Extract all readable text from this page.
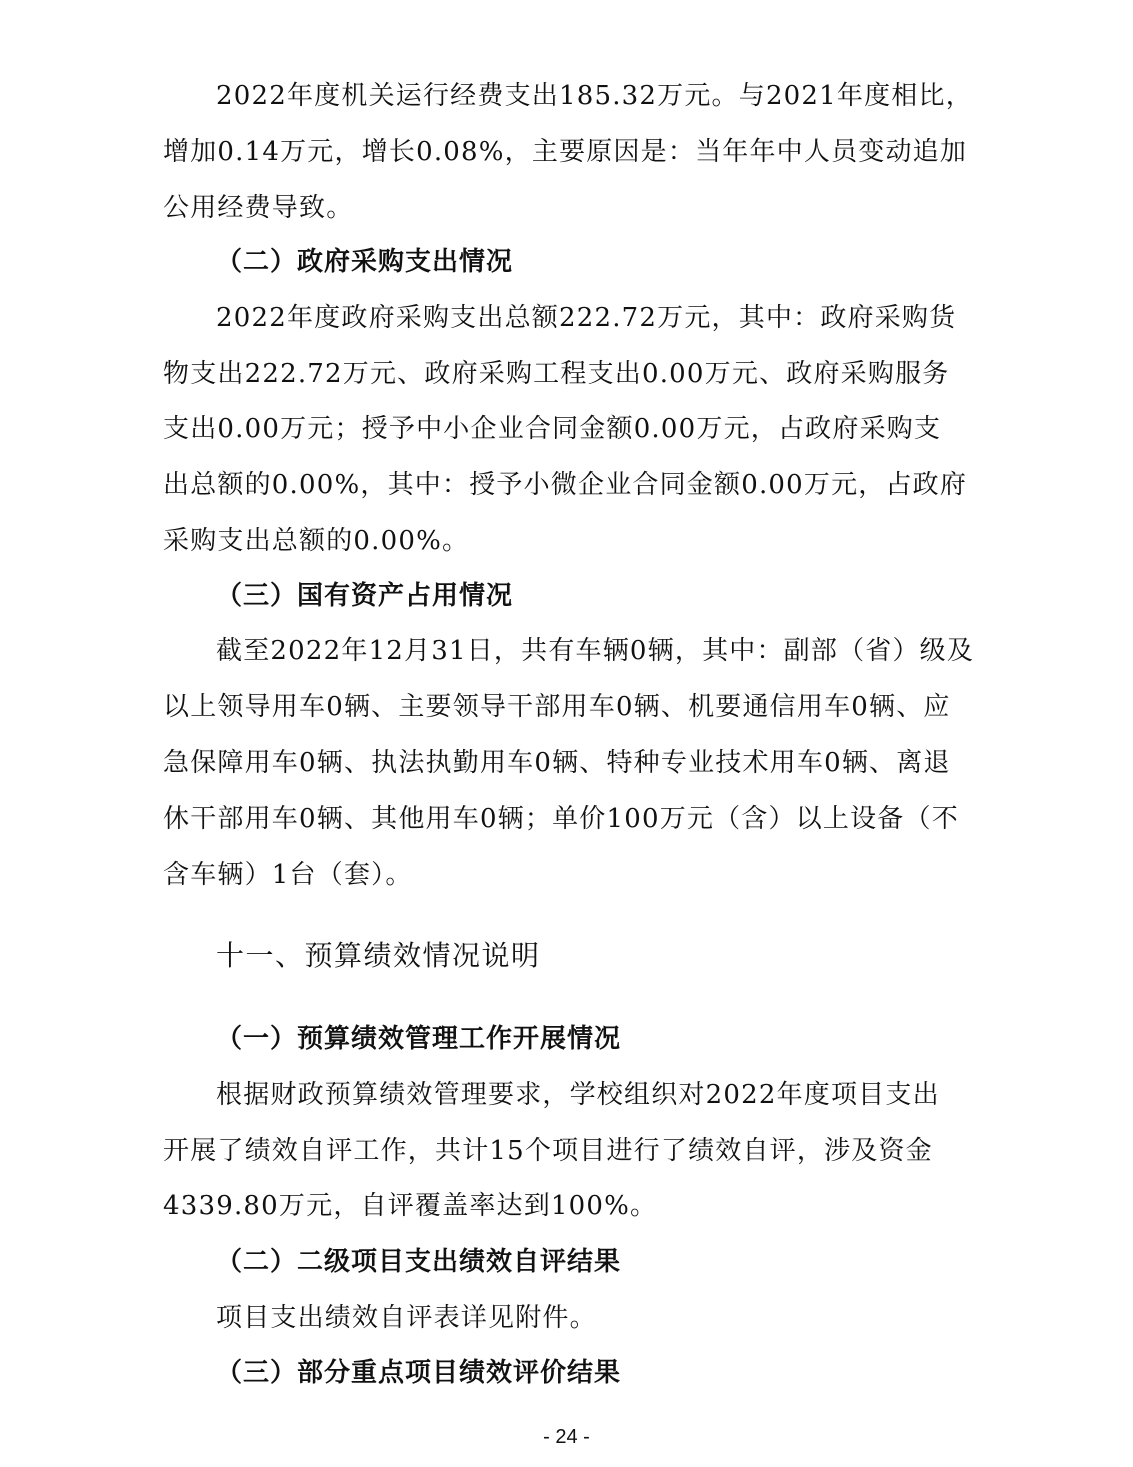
2022年度机关运行经费支出185.32万元。与2021年度相比，
增加0.14万元，增长0.08%，主要原因是：当年年中人员变动追加
公用经费导致。
（二）政府采购支出情况
2022年度政府采购支出总额222.72万元，其中：政府采购货
物支出222.72万元、政府采购工程支出0.00万元、政府采购服务
支出0.00万元；授予中小企业合同金额0.00万元，占政府采购支
出总额的0.00%，其中：授予小微企业合同金额0.00万元，占政府
采购支出总额的0.00%。
（三）国有资产占用情况
截至2022年12月31日，共有车辆0辆，其中：副部（省）级及
以上领导用车0辆、主要领导干部用车0辆、机要通信用车0辆、应
急保障用车0辆、执法执勤用车0辆、特种专业技术用车0辆、离退
休干部用车0辆、其他用车0辆；单价100万元（含）以上设备（不
含车辆）1台（套）。
十一、预算绩效情况说明
（一）预算绩效管理工作开展情况
根据财政预算绩效管理要求，学校组织对2022年度项目支出
开展了绩效自评工作，共计15个项目进行了绩效自评，涉及资金
4339.80万元，自评覆盖率达到100%。
（二）二级项目支出绩效自评结果
项目支出绩效自评表详见附件。
（三）部分重点项目绩效评价结果
- 24 -
